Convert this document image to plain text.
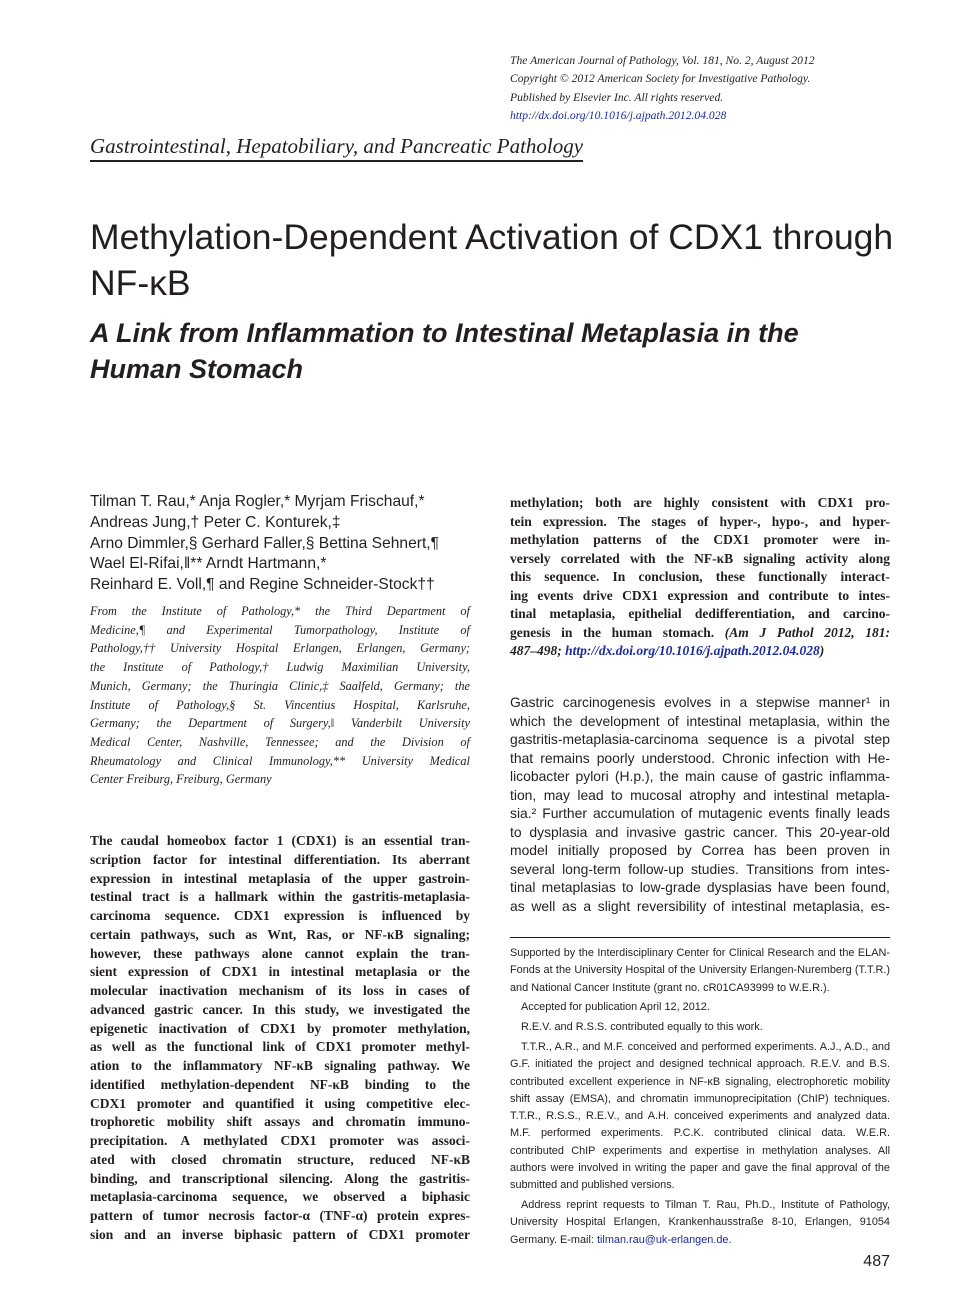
The American Journal of Pathology, Vol. 181, No. 2, August 2012
Copyright © 2012 American Society for Investigative Pathology.
Published by Elsevier Inc. All rights reserved.
http://dx.doi.org/10.1016/j.ajpath.2012.04.028
Gastrointestinal, Hepatobiliary, and Pancreatic Pathology
Methylation-Dependent Activation of CDX1 through
NF-κB
A Link from Inflammation to Intestinal Metaplasia in the
Human Stomach
Tilman T. Rau,* Anja Rogler,* Myrjam Frischauf,*
Andreas Jung,† Peter C. Konturek,‡
Arno Dimmler,§ Gerhard Faller,§ Bettina Sehnert,¶
Wael El-Rifai,‖** Arndt Hartmann,*
Reinhard E. Voll,¶ and Regine Schneider-Stock††
From the Institute of Pathology,* the Third Department of
Medicine,¶ and Experimental Tumorpathology, Institute of
Pathology,†† University Hospital Erlangen, Erlangen, Germany;
the Institute of Pathology,† Ludwig Maximilian University,
Munich, Germany; the Thuringia Clinic,‡ Saalfeld, Germany; the
Institute of Pathology,§ St. Vincentius Hospital, Karlsruhe,
Germany; the Department of Surgery,‖ Vanderbilt University
Medical Center, Nashville, Tennessee; and the Division of
Rheumatology and Clinical Immunology,** University Medical
Center Freiburg, Freiburg, Germany
The caudal homeobox factor 1 (CDX1) is an essential tran-
scription factor for intestinal differentiation. Its aberrant
expression in intestinal metaplasia of the upper gastroin-
testinal tract is a hallmark within the gastritis-metaplasia-
carcinoma sequence. CDX1 expression is influenced by
certain pathways, such as Wnt, Ras, or NF-κB signaling;
however, these pathways alone cannot explain the tran-
sient expression of CDX1 in intestinal metaplasia or the
molecular inactivation mechanism of its loss in cases of
advanced gastric cancer. In this study, we investigated the
epigenetic inactivation of CDX1 by promoter methylation,
as well as the functional link of CDX1 promoter methyl-
ation to the inflammatory NF-κB signaling pathway. We
identified methylation-dependent NF-κB binding to the
CDX1 promoter and quantified it using competitive elec-
trophoretic mobility shift assays and chromatin immuno-
precipitation. A methylated CDX1 promoter was associ-
ated with closed chromatin structure, reduced NF-κB
binding, and transcriptional silencing. Along the gastritis-
metaplasia-carcinoma sequence, we observed a biphasic
pattern of tumor necrosis factor-α (TNF-α) protein expres-
sion and an inverse biphasic pattern of CDX1 promoter
methylation; both are highly consistent with CDX1 pro-
tein expression. The stages of hyper-, hypo-, and hyper-
methylation patterns of the CDX1 promoter were in-
versely correlated with the NF-κB signaling activity along
this sequence. In conclusion, these functionally interact-
ing events drive CDX1 expression and contribute to intes-
tinal metaplasia, epithelial dedifferentiation, and carcino-
genesis in the human stomach. (Am J Pathol 2012, 181:
487–498; http://dx.doi.org/10.1016/j.ajpath.2012.04.028)
Gastric carcinogenesis evolves in a stepwise manner¹ in
which the development of intestinal metaplasia, within the
gastritis-metaplasia-carcinoma sequence is a pivotal step
that remains poorly understood. Chronic infection with He-
licobacter pylori (H.p.), the main cause of gastric inflamma-
tion, may lead to mucosal atrophy and intestinal metapla-
sia.² Further accumulation of mutagenic events finally leads
to dysplasia and invasive gastric cancer. This 20-year-old
model initially proposed by Correa has been proven in
several long-term follow-up studies. Transitions from intes-
tinal metaplasias to low-grade dysplasias have been found,
as well as a slight reversibility of intestinal metaplasia, es-

Supported by the Interdisciplinary Center for Clinical Research and the ELAN-Fonds at the University Hospital of the University Erlangen-Nuremberg (T.T.R.) and National Cancer Institute (grant no. cR01CA93999 to W.E.R.).

Accepted for publication April 12, 2012.

R.E.V. and R.S.S. contributed equally to this work.

T.T.R., A.R., and M.F. conceived and performed experiments. A.J., A.D., and G.F. initiated the project and designed technical approach. R.E.V. and B.S. contributed excellent experience in NF-κB signaling, electrophoretic mobility shift assay (EMSA), and chromatin immunoprecipitation (ChIP) techniques. T.T.R., R.S.S., R.E.V., and A.H. conceived experiments and analyzed data. M.F. performed experiments. P.C.K. contributed clinical data. W.E.R. contributed ChIP experiments and expertise in methylation analyses. All authors were involved in writing the paper and gave the final approval of the submitted and published versions.

Address reprint requests to Tilman T. Rau, Ph.D., Institute of Pathology, University Hospital Erlangen, Krankenhausstraße 8-10, Erlangen, 91054 Germany. E-mail: tilman.rau@uk-erlangen.de.

487
